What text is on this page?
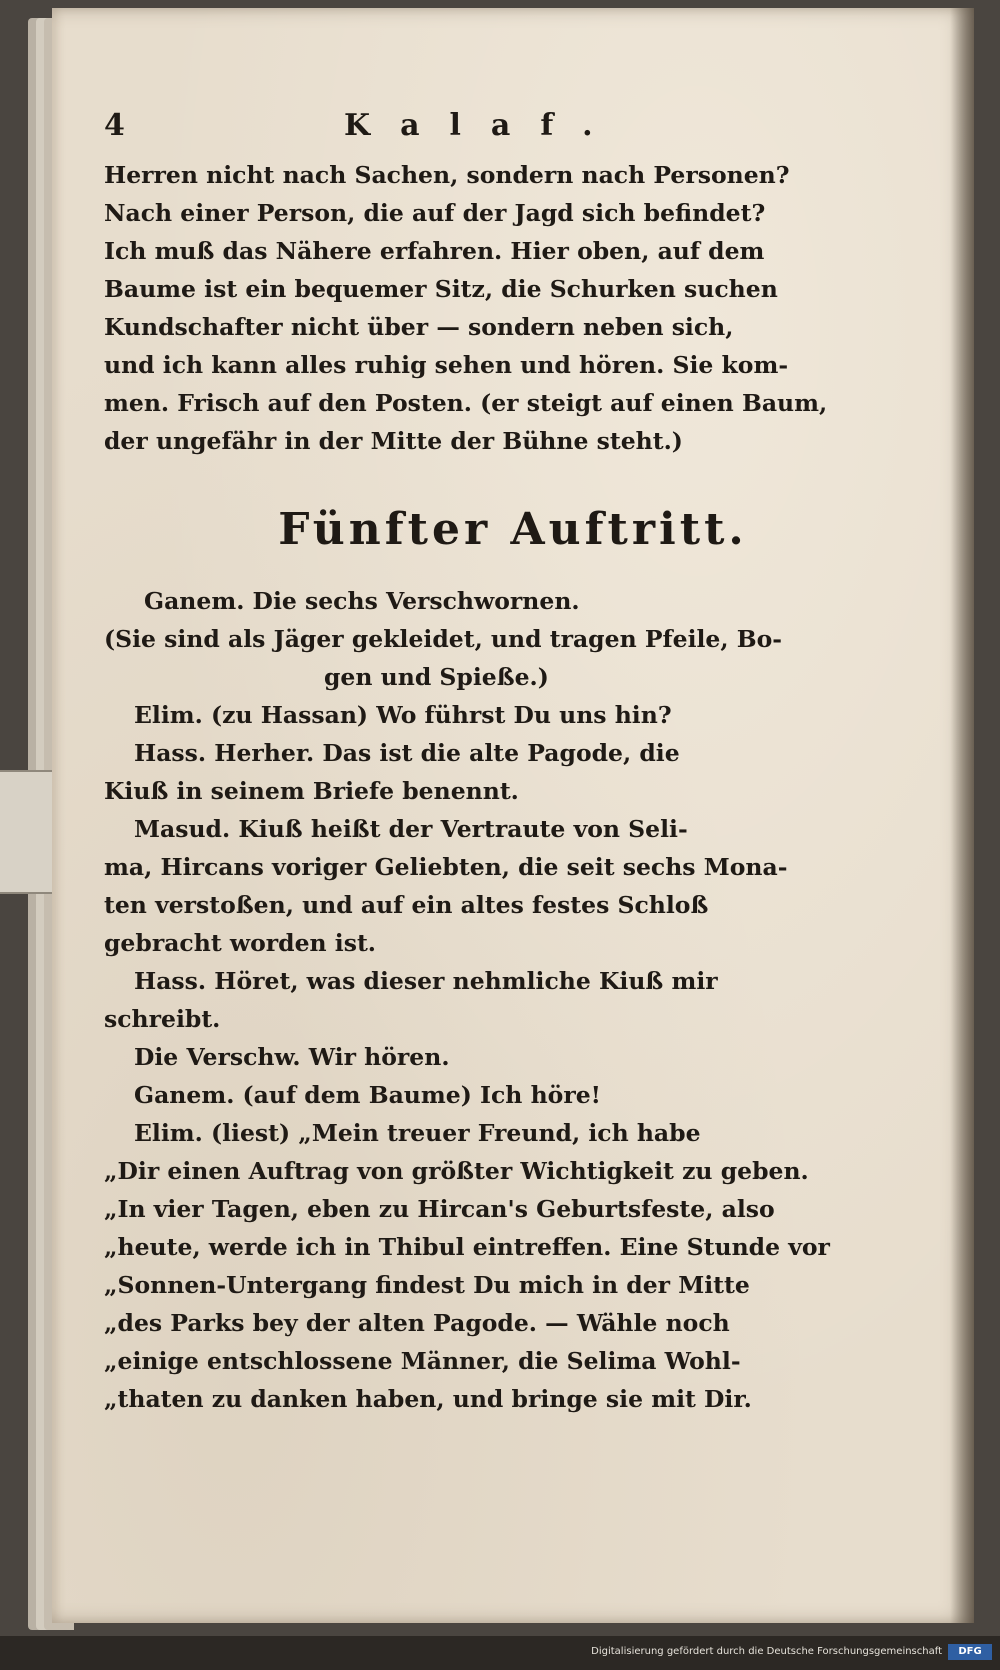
4	Kalaf.
Herren nicht nach Sachen, sondern nach Personen?
Nach einer Person, die auf der Jagd sich befindet?
Ich muß das Nähere erfahren. Hier oben, auf dem
Baume ist ein bequemer Sitz, die Schurken suchen
Kundschafter nicht über — sondern neben sich,
und ich kann alles ruhig sehen und hören. Sie kom-
men. Frisch auf den Posten. (er steigt auf einen Baum,
der ungefähr in der Mitte der Bühne steht.)
Fünfter Auftritt.
Ganem. Die sechs Verschwornen.
(Sie sind als Jäger gekleidet, und tragen Pfeile, Bo-
gen und Spieße.)
Elim. (zu Hassan) Wo führst Du uns hin?
Hass. Herher. Das ist die alte Pagode, die
Kiuß in seinem Briefe benennt.
Masud. Kiuß heißt der Vertraute von Seli-
ma, Hircans voriger Geliebten, die seit sechs Mona-
ten verstoßen, und auf ein altes festes Schloß
gebracht worden ist.
Hass. Höret, was dieser nehmliche Kiuß mir
schreibt.
Die Verschw. Wir hören.
Ganem. (auf dem Baume) Ich höre!
Elim. (liest) „Mein treuer Freund, ich habe
„Dir einen Auftrag von größter Wichtigkeit zu geben.
„In vier Tagen, eben zu Hircan's Geburtsfeste, also
„heute, werde ich in Thibul eintreffen. Eine Stunde vor
„Sonnen-Untergang findest Du mich in der Mitte
„des Parks bey der alten Pagode. — Wähle noch
„einige entschlossene Männer, die Selima Wohl-
„thaten zu danken haben, und bringe sie mit Dir.
Digitalisierung gefördert durch die Deutsche Forschungsgemeinschaft	DFG
